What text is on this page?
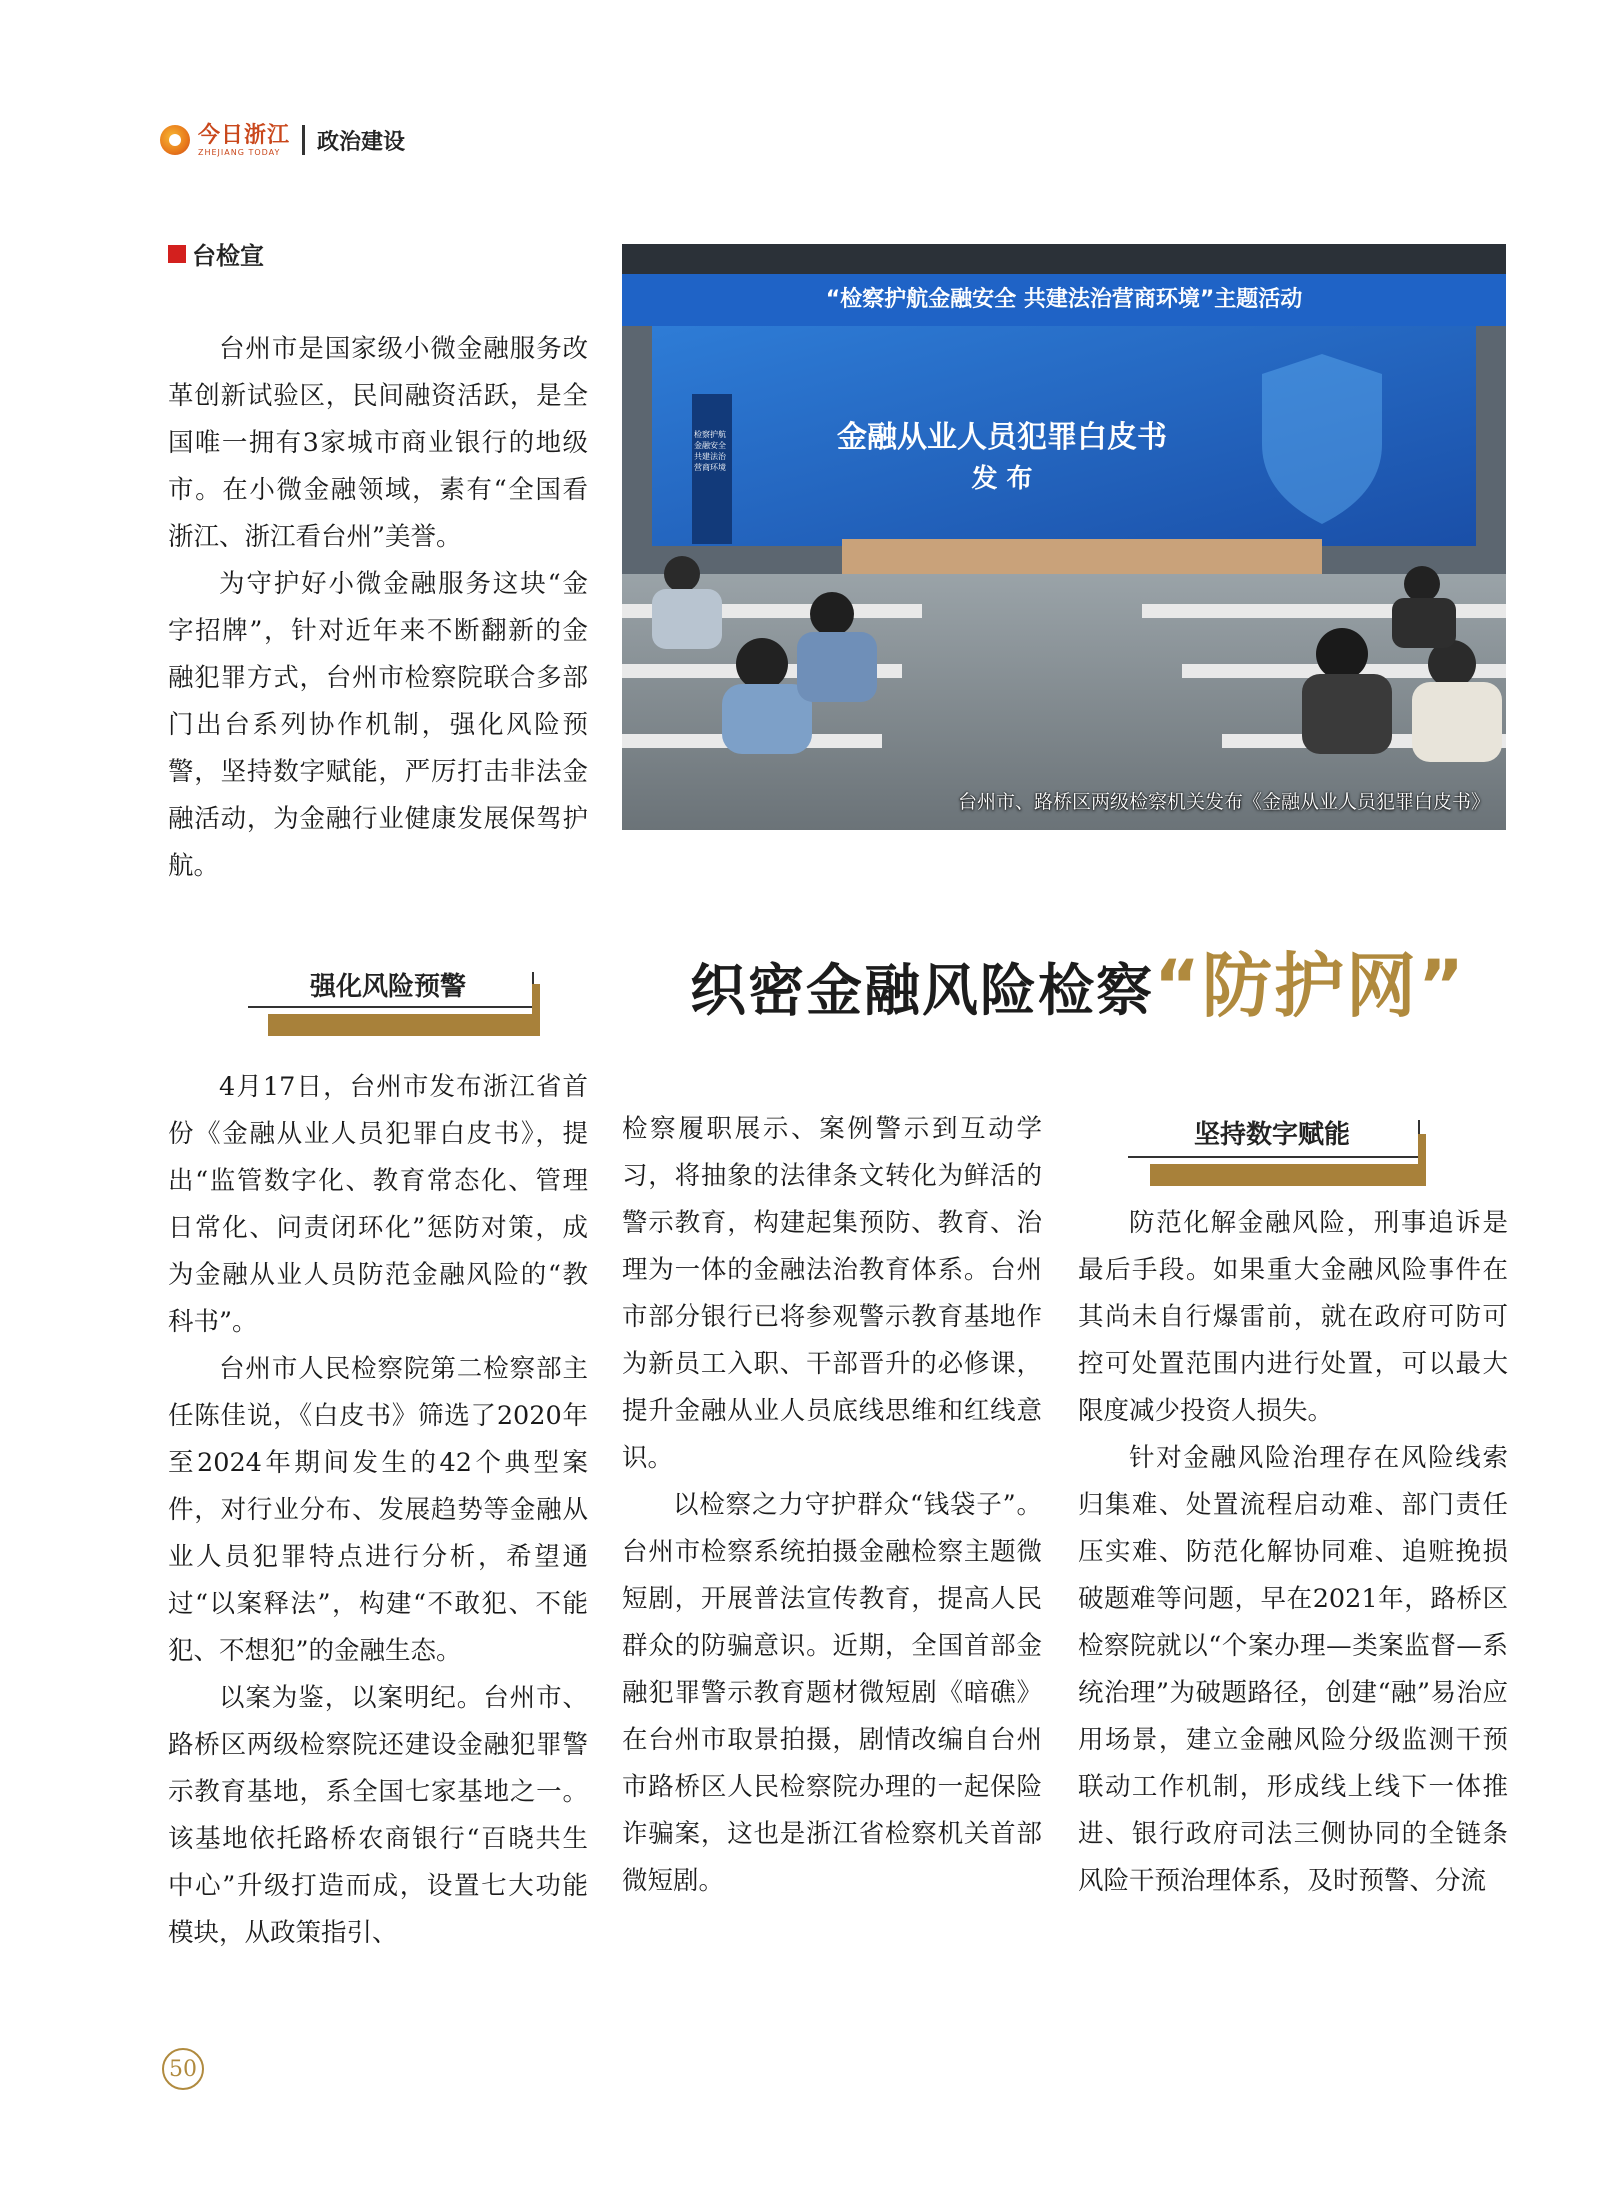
今日浙江
ZHEJIANG TODAY	政治建设
台检宣

台州市是国家级小微金融服务改革创新试验区，民间融资活跃，是全国唯一拥有3家城市商业银行的地级市。在小微金融领域，素有“全国看浙江、浙江看台州”美誉。

为守护好小微金融服务这块“金字招牌”，针对近年来不断翻新的金融犯罪方式，台州市检察院联合多部门出台系列协作机制，强化风险预警，坚持数字赋能，严厉打击非法金融活动，为金融行业健康发展保驾护航。

“检察护航金融安全 共建法治营商环境”主题活动
金融从业人员犯罪白皮书
发 布
检察护航金融安全 共建法治营商环境
台州市、路桥区两级检察机关发布《金融从业人员犯罪白皮书》
织密金融风险检察 “防护网”
强化风险预警
坚持数字赋能

4月17日，台州市发布浙江省首份《金融从业人员犯罪白皮书》，提出“监管数字化、教育常态化、管理日常化、问责闭环化”惩防对策，成为金融从业人员防范金融风险的“教科书”。

台州市人民检察院第二检察部主任陈佳说，《白皮书》筛选了2020年至2024年期间发生的42个典型案件，对行业分布、发展趋势等金融从业人员犯罪特点进行分析，希望通过“以案释法”，构建“不敢犯、不能犯、不想犯”的金融生态。

以案为鉴，以案明纪。台州市、路桥区两级检察院还建设金融犯罪警示教育基地，系全国七家基地之一。该基地依托路桥农商银行“百晓共生中心”升级打造而成，设置七大功能模块，从政策指引、

检察履职展示、案例警示到互动学习，将抽象的法律条文转化为鲜活的警示教育，构建起集预防、教育、治理为一体的金融法治教育体系。台州市部分银行已将参观警示教育基地作为新员工入职、干部晋升的必修课，提升金融从业人员底线思维和红线意识。

以检察之力守护群众“钱袋子”。台州市检察系统拍摄金融检察主题微短剧，开展普法宣传教育，提高人民群众的防骗意识。近期，全国首部金融犯罪警示教育题材微短剧《暗礁》在台州市取景拍摄，剧情改编自台州市路桥区人民检察院办理的一起保险诈骗案，这也是浙江省检察机关首部微短剧。

防范化解金融风险，刑事追诉是最后手段。如果重大金融风险事件在其尚未自行爆雷前，就在政府可防可控可处置范围内进行处置，可以最大限度减少投资人损失。

针对金融风险治理存在风险线索归集难、处置流程启动难、部门责任压实难、防范化解协同难、追赃挽损破题难等问题，早在2021年，路桥区检察院就以“个案办理—类案监督—系统治理”为破题路径，创建“融”易治应用场景，建立金融风险分级监测干预联动工作机制，形成线上线下一体推进、银行政府司法三侧协同的全链条风险干预治理体系，及时预警、分流

50
